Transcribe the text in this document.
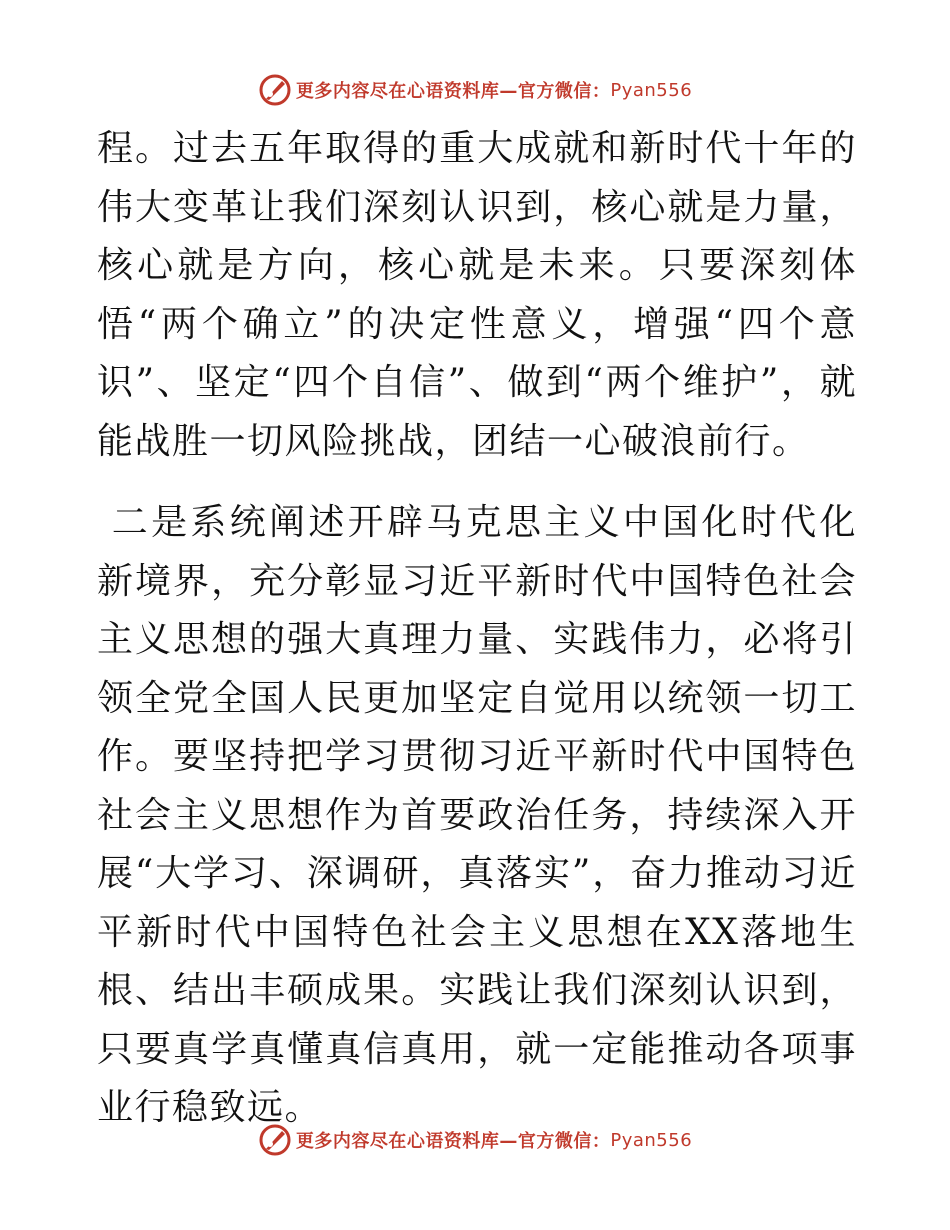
更多内容尽在心语资料库—官方微信： Pyan556

程。过去五年取得的重大成就和新时代十年的伟大变革让我们深刻认识到，核心就是力量，核心就是方向，核心就是未来。只要深刻体悟“两个确立”的决定性意义，增强“四个意识”、坚定“四个自信”、做到“两个维护”，就能战胜一切风险挑战，团结一心破浪前行。

二是系统阐述开辟马克思主义中国化时代化新境界，充分彰显习近平新时代中国特色社会主义思想的强大真理力量、实践伟力，必将引领全党全国人民更加坚定自觉用以统领一切工作。要坚持把学习贯彻习近平新时代中国特色社会主义思想作为首要政治任务，持续深入开展“大学习、深调研，真落实”，奋力推动习近平新时代中国特色社会主义思想在XX落地生根、结出丰硕成果。实践让我们深刻认识到，只要真学真懂真信真用，就一定能推动各项事业行稳致远。

更多内容尽在心语资料库—官方微信： Pyan556
